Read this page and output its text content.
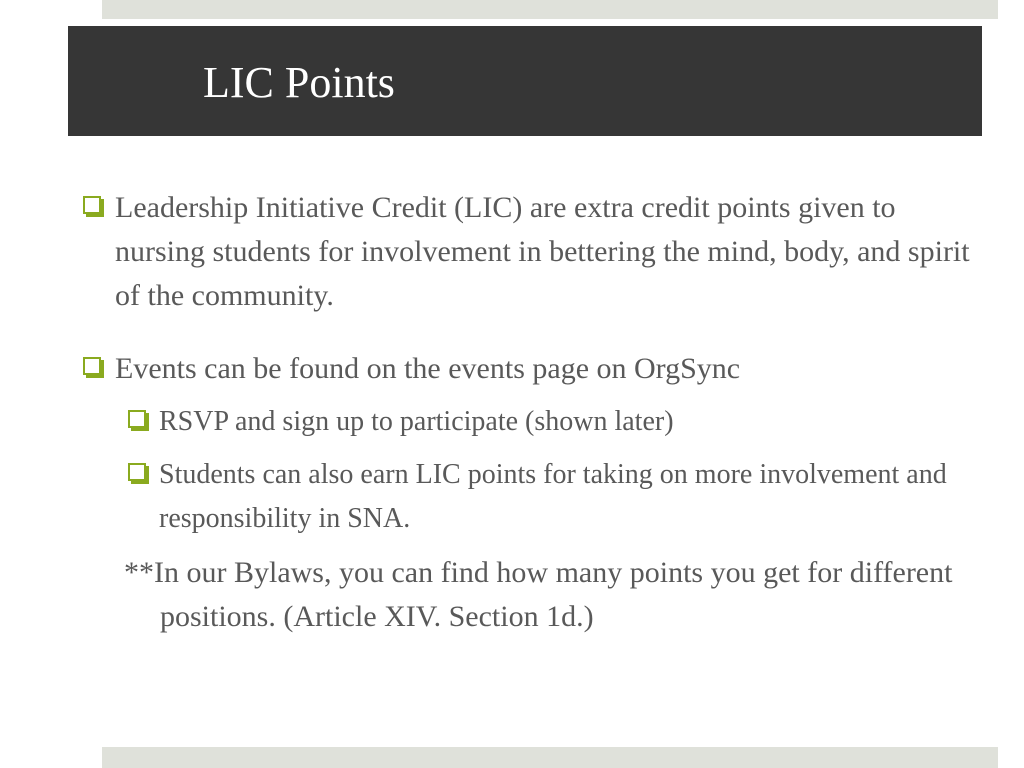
LIC Points
Leadership Initiative Credit (LIC) are extra credit points given to nursing students for involvement in bettering the mind, body, and spirit of the community.
Events can be found on the events page on OrgSync
RSVP and sign up to participate (shown later)
Students can also earn LIC points for taking on more involvement and responsibility in SNA.
**In our Bylaws, you can find how many points you get for different positions. (Article XIV. Section 1d.)
